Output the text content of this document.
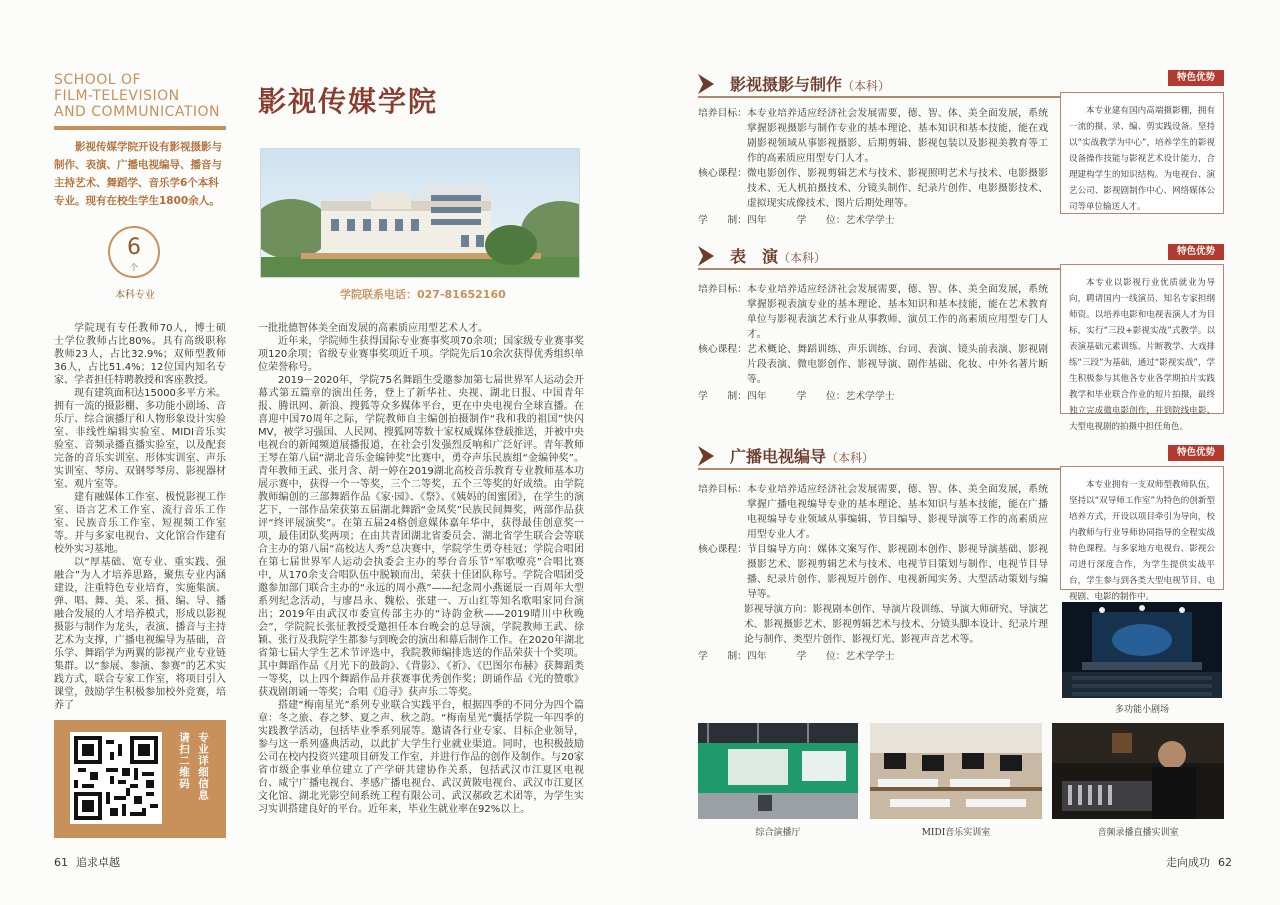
SCHOOL OF
FILM-TELEVISION
AND COMMUNICATION
影视传媒学院开设有影视摄影与制作、表演、广播电视编导、播音与主持艺术、舞蹈学、音乐学6个本科专业。现有在校生学生1800余人。
6
个
本科专业
影视传媒学院
学院联系电话：027-81652160

学院现有专任教师70人，博士硕士学位教师占比80%。具有高级职称教师23人，占比32.9%；双师型教师36人，占比51.4%；12位国内知名专家、学者担任特聘教授和客座教授。

现有建筑面积达15000多平方米。拥有一流的摄影棚、多功能小剧场、音乐厅、综合演播厅和人物形象设计实验室、非线性编辑实验室、MIDI音乐实验室、音频录播直播实验室，以及配套完备的音乐实训室、形体实训室、声乐实训室、琴房、双钢琴琴房、影视器材室、观片室等。

建有融媒体工作室、极悦影视工作室、语言艺术工作室、流行音乐工作室、民族音乐工作室、短视频工作室等。并与多家电视台、文化馆合作建有校外实习基地。

以“厚基础、宽专业、重实践、强融合”为人才培养思路，聚焦专业内涵建设，注重特色专业培育，实施集演、弹、唱、舞、美、采、摄、编、导、播融合发展的人才培养模式，形成以影视摄影与制作为龙头，表演、播音与主持艺术为支撑，广播电视编导为基础，音乐学、舞蹈学为两翼的影视产业专业链集群。以“参展、参演、参赛”的艺术实践方式，联合专家工作室，将项目引入课堂，鼓励学生积极参加校外竞赛，培养了

一批批德智体美全面发展的高素质应用型艺术人才。

近年来，学院师生获得国际专业赛事奖项70余项；国家级专业赛事奖项120余项；省级专业赛事奖项近千项。学院先后10余次获得优秀组织单位荣誉称号。

2019－2020年，学院75名舞蹈生受邀参加第七届世界军人运动会开幕式第五篇章的演出任务，登上了新华社、央视、湖北日报、中国青年报、腾讯网、新浪、搜狐等众多媒体平台，更在中央电视台全球直播。在喜迎中国70周年之际，学院教师自主编创拍摄制作“我和我的祖国”快闪MV，被学习强国、人民网、搜狐网等数十家权威媒体登载推送，并被中央电视台的新闻频道展播报道，在社会引发强烈反响和广泛好评。青年教师王琴在第八届“湖北音乐金编钟奖”比赛中，勇夺声乐民族组“金编钟奖”。青年教师王武、张月含、胡一婷在2019湖北高校音乐教育专业教师基本功展示赛中，获得一个一等奖，三个二等奖，五个三等奖的好成绩。由学院教师编创的三部舞蹈作品《家·园》、《祭》、《姨妈的闺蜜团》，在学生的演艺下，一部作品荣获第五届湖北舞蹈“金凤奖”民族民间舞奖，两部作品获评“终评展演奖”。在第五届24格创意媒体嘉年华中，获得最佳创意奖一项，最佳团队奖两项；在由共青团湖北省委员会、湖北省学生联合会等联合主办的第八届“高校达人秀”总决赛中，学院学生勇夺桂冠；学院合唱团在第七届世界军人运动会执委会主办的琴台音乐节“军歌嘹亮”合唱比赛中，从170余支合唱队伍中脱颖而出，荣获十佳团队称号。学院合唱团受邀参加部门联合主办的“永远的周小燕”——纪念周小燕诞辰一百周年大型系列纪念活动，与廖昌永、魏松、张建一、万山红等知名歌唱家同台演出；2019年由武汉市委宣传部主办的“诗韵金秋——2019晴川中秋晚会”，学院院长张征教授受邀担任本台晚会的总导演，学院教师王武、徐颖、张行及我院学生都参与到晚会的演出和幕后制作工作。在2020年湖北省第七届大学生艺术节评选中，我院教师编排选送的作品荣获十个奖项。其中舞蹈作品《月光下的鼓韵》、《背影》、《祈》、《巴图尔布赫》获舞蹈类一等奖，以上四个舞蹈作品并获赛事优秀创作奖；朗诵作品《光的赞歌》获戏剧朗诵一等奖；合唱《追寻》获声乐二等奖。

搭建“梅南星光”系列专业联合实践平台，根据四季的不同分为四个篇章：冬之旅、春之梦、夏之声、秋之韵。“梅南星光”囊括学院一年四季的实践教学活动，包括毕业季系列展等。邀请各行业专家、目标企业领导，参与这一系列盛典活动，以此扩大学生行业就业渠道。同时，也积极鼓励公司在校内投资兴建项目研发工作室，并进行作品的创作及制作。与20家省市级企事业单位建立了产学研共建协作关系，包括武汉市江夏区电视台、咸宁广播电视台、孝感广播电视台、武汉黄陂电视台、武汉市江夏区文化馆、湖北光影空间系统工程有限公司、武汉郝政艺术团等，为学生实习实训搭建良好的平台。近年来，毕业生就业率在92%以上。

请扫二维码 专业详细信息
61 追求卓越
影视摄影与制作（本科）
特色优势
本专业建有国内高端摄影棚，拥有一流的摄、录、编、剪实践设备。坚持以“实战教学为中心”，培养学生的影视设备操作技能与影视艺术设计能力，合理建构学生的知识结构。为电视台、演艺公司、影视剧制作中心、网络媒体公司等单位输送人才。
培养目标： 本专业培养适应经济社会发展需要，德、智、体、美全面发展，系统掌握影视摄影与制作专业的基本理论、基本知识和基本技能，能在戏剧影视领域从事影视摄影、后期剪辑、影视包装以及影视美教育等工作的高素质应用型专门人才。
核心课程： 微电影创作、影视剪辑艺术与技术、影视照明艺术与技术、电影摄影技术、无人机拍摄技术、分镜头制作、纪录片创作、电影摄影技术、虚拟现实成像技术、图片后期处理等。
学　　制：四年	学　　位：艺术学学士
表　演（本科）	特色优势
本专业以影视行业优质就业为导向，聘请国内一线演员、知名专家担纲师资。以培养电影和电视表演人才为目标，实行“三段+影视实战”式教学。以表演基础元素训练、片断教学、大戏排练“三段”为基础，通过“影视实战”，学生积极参与其他各专业各学期拍片实践教学和毕业联合作业的短片拍摄，最终独立完成微电影创作，并到院线电影、大型电视剧的拍摄中担任角色。
培养目标： 本专业培养适应经济社会发展需要，德、智、体、美全面发展，系统掌握影视表演专业的基本理论、基本知识和基本技能，能在艺术教育单位与影视表演艺术行业从事教师、演员工作的高素质应用型专门人才。
核心课程： 艺术概论、舞蹈训练、声乐训练、台词、表演、镜头前表演、影视剧片段表演、微电影创作、影视导演、剧作基础、化妆、中外名著片断等。
学　　制：四年	学　　位：艺术学学士
广播电视编导（本科）	特色优势
本专业拥有一支双师型教师队伍，坚持以“双导师工作室”为特色的创新型培养方式，开设以项目牵引为导向，校内教师与行业导师协同指导的全程实战特色课程。与多家地方电视台、影视公司进行深度合作，为学生提供实战平台，学生参与到各类大型电视节目、电视剧、电影的制作中。
培养目标： 本专业培养适应经济社会发展需要，德、智、体、美全面发展，系统掌握广播电视编导专业的基本理论、基本知识与基本技能，能在广播电视编导专业领域从事编辑、节目编导、影视导演等工作的高素质应用型专业人才。
核心课程： 节目编导方向：媒体文案写作、影视剧本创作、影视导演基础、影视摄影艺术、影视剪辑艺术与技术、电视节目策划与制作、电视节目导播、纪录片创作、影视短片创作、电视新闻实务、大型活动策划与编导等。
影视导演方向：影视剧本创作、导演片段训练、导演大师研究、导演艺术、影视摄影艺术、影视剪辑艺术与技术、分镜头脚本设计、纪录片理论与制作、类型片创作、影视灯光、影视声音艺术等。
学　　制：四年	学　　位：艺术学学士
多功能小剧场
综合演播厅	MIDI音乐实训室	音频录播直播实训室
走向成功 62
